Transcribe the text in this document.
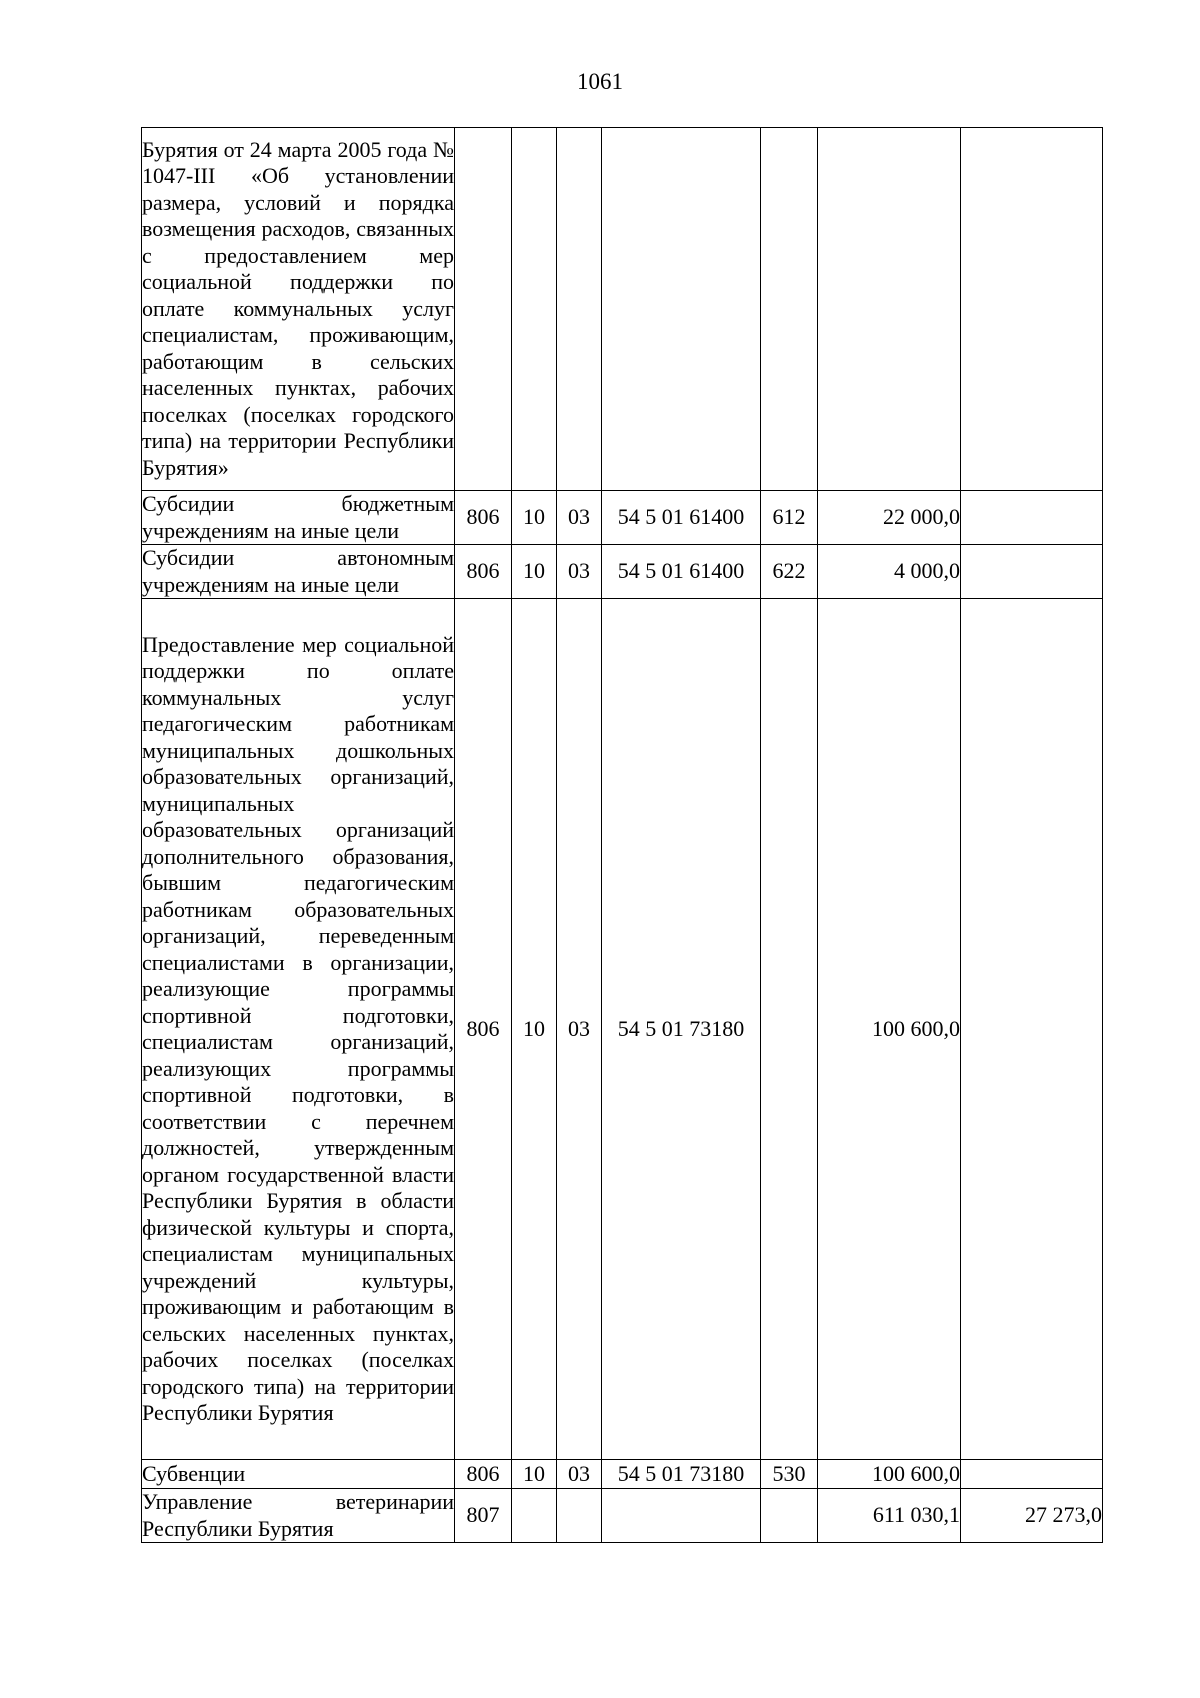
1061
Бурятия от 24 марта 2005 года № 1047-III «Об установлении размера, условий и порядка возмещения расходов, связанных с предоставлением мер социальной поддержки по оплате коммунальных услуг специалистам, проживающим, работающим в сельских населенных пунктах, рабочих поселках (поселках городского типа) на территории Республики Бурятия»							
Субсидии бюджетным учреждениям на иные цели	806	10	03	54 5 01 61400	612	22 000,0	
Субсидии автономным учреждениям на иные цели	806	10	03	54 5 01 61400	622	4 000,0	
Предоставление мер социальной поддержки по оплате коммунальных услуг педагогическим работникам муниципальных дошкольных образовательных организаций, муниципальных образовательных организаций дополнительного образования, бывшим педагогическим работникам образовательных организаций, переведенным специалистами в организации, реализующие программы спортивной подготовки, специалистам организаций, реализующих программы спортивной подготовки, в соответствии с перечнем должностей, утвержденным органом государственной власти Республики Бурятия в области физической культуры и спорта, специалистам муниципальных учреждений культуры, проживающим и работающим в сельских населенных пунктах, рабочих поселках (поселках городского типа) на территории Республики Бурятия	806	10	03	54 5 01 73180		100 600,0	
Субвенции	806	10	03	54 5 01 73180	530	100 600,0	
Управление ветеринарии Республики Бурятия	807					611 030,1	27 273,0
